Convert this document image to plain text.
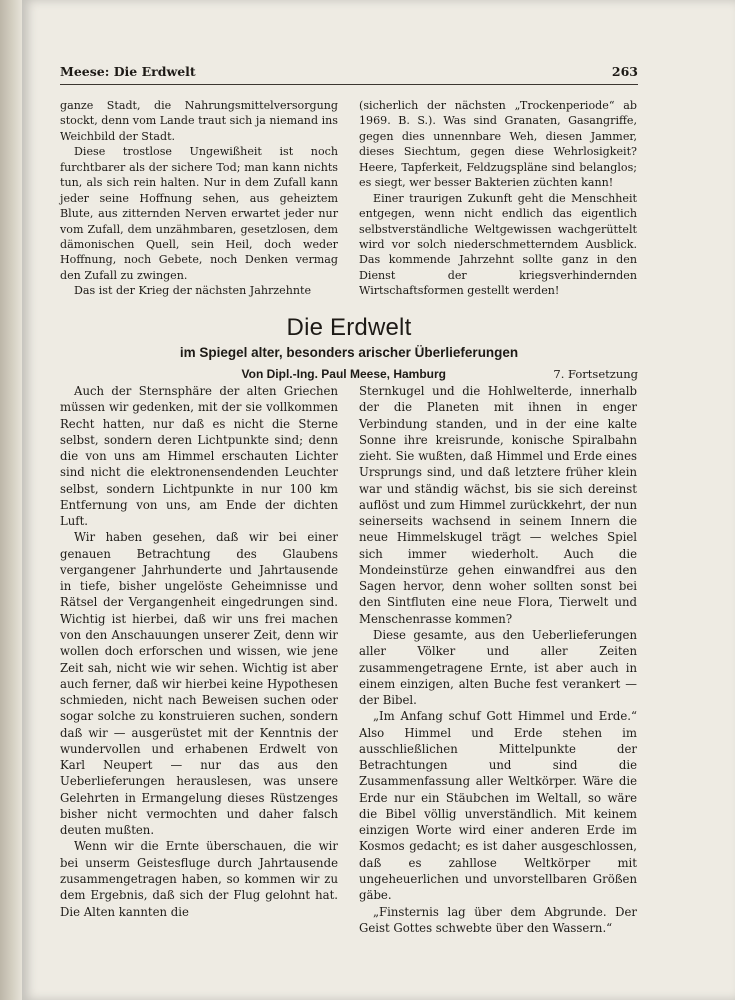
Meese: Die Erdwelt	263

ganze Stadt, die Nahrungsmittelversorgung stockt, denn vom Lande traut sich ja niemand ins Weichbild der Stadt.

Diese trostlose Ungewißheit ist noch furchtbarer als der sichere Tod; man kann nichts tun, als sich rein halten. Nur in dem Zufall kann jeder seine Hoffnung sehen, aus geheiztem Blute, aus zitternden Nerven erwartet jeder nur vom Zufall, dem unzähmbaren, gesetzlosen, dem dämonischen Quell, sein Heil, doch weder Hoffnung, noch Gebete, noch Denken vermag den Zufall zu zwingen.

Das ist der Krieg der nächsten Jahrzehnte

(sicherlich der nächsten „Trockenperiode“ ab 1969. B. S.). Was sind Granaten, Gasangriffe, gegen dies unnennbare Weh, diesen Jammer, dieses Siechtum, gegen diese Wehrlosigkeit? Heere, Tapferkeit, Feldzugspläne sind belanglos; es siegt, wer besser Bakterien züchten kann!

Einer traurigen Zukunft geht die Menschheit entgegen, wenn nicht endlich das eigentlich selbstverständliche Weltgewissen wachgerüttelt wird vor solch niederschmetterndem Ausblick. Das kommende Jahrzehnt sollte ganz in den Dienst der kriegsverhindernden Wirtschaftsformen gestellt werden!

Die Erdwelt
im Spiegel alter, besonders arischer Überlieferungen
Von Dipl.-Ing. Paul Meese, Hamburg	7. Fortsetzung

Auch der Sternsphäre der alten Griechen müssen wir gedenken, mit der sie vollkommen Recht hatten, nur daß es nicht die Sterne selbst, sondern deren Lichtpunkte sind; denn die von uns am Himmel erschauten Lichter sind nicht die elektronensendenden Leuchter selbst, sondern Lichtpunkte in nur 100 km Entfernung von uns, am Ende der dichten Luft.

Wir haben gesehen, daß wir bei einer genauen Betrachtung des Glaubens vergangener Jahrhunderte und Jahrtausende in tiefe, bisher ungelöste Geheimnisse und Rätsel der Vergangenheit eingedrungen sind. Wichtig ist hierbei, daß wir uns frei machen von den Anschauungen unserer Zeit, denn wir wollen doch erforschen und wissen, wie jene Zeit sah, nicht wie wir sehen. Wichtig ist aber auch ferner, daß wir hierbei keine Hypothesen schmieden, nicht nach Beweisen suchen oder sogar solche zu konstruieren suchen, sondern daß wir — ausgerüstet mit der Kenntnis der wundervollen und erhabenen Erdwelt von Karl Neupert — nur das aus den Ueberlieferungen herauslesen, was unsere Gelehrten in Ermangelung dieses Rüstzenges bisher nicht vermochten und daher falsch deuten mußten.

Wenn wir die Ernte überschauen, die wir bei unserm Geistesfluge durch Jahrtausende zusammengetragen haben, so kommen wir zu dem Ergebnis, daß sich der Flug gelohnt hat. Die Alten kannten die

Sternkugel und die Hohlwelterde, innerhalb der die Planeten mit ihnen in enger Verbindung standen, und in der eine kalte Sonne ihre kreisrunde, konische Spiralbahn zieht. Sie wußten, daß Himmel und Erde eines Ursprungs sind, und daß letztere früher klein war und ständig wächst, bis sie sich dereinst auflöst und zum Himmel zurückkehrt, der nun seinerseits wachsend in seinem Innern die neue Himmelskugel trägt — welches Spiel sich immer wiederholt. Auch die Mondeinstürze gehen einwandfrei aus den Sagen hervor, denn woher sollten sonst bei den Sintfluten eine neue Flora, Tierwelt und Menschenrasse kommen?

Diese gesamte, aus den Ueberlieferungen aller Völker und aller Zeiten zusammengetragene Ernte, ist aber auch in einem einzigen, alten Buche fest verankert — der Bibel.

„Im Anfang schuf Gott Himmel und Erde.“ Also Himmel und Erde stehen im ausschließlichen Mittelpunkte der Betrachtungen und sind die Zusammenfassung aller Weltkörper. Wäre die Erde nur ein Stäubchen im Weltall, so wäre die Bibel völlig unverständlich. Mit keinem einzigen Worte wird einer anderen Erde im Kosmos gedacht; es ist daher ausgeschlossen, daß es zahllose Weltkörper mit ungeheuerlichen und unvorstellbaren Größen gäbe.

„Finsternis lag über dem Abgrunde. Der Geist Gottes schwebte über den Wassern.“
